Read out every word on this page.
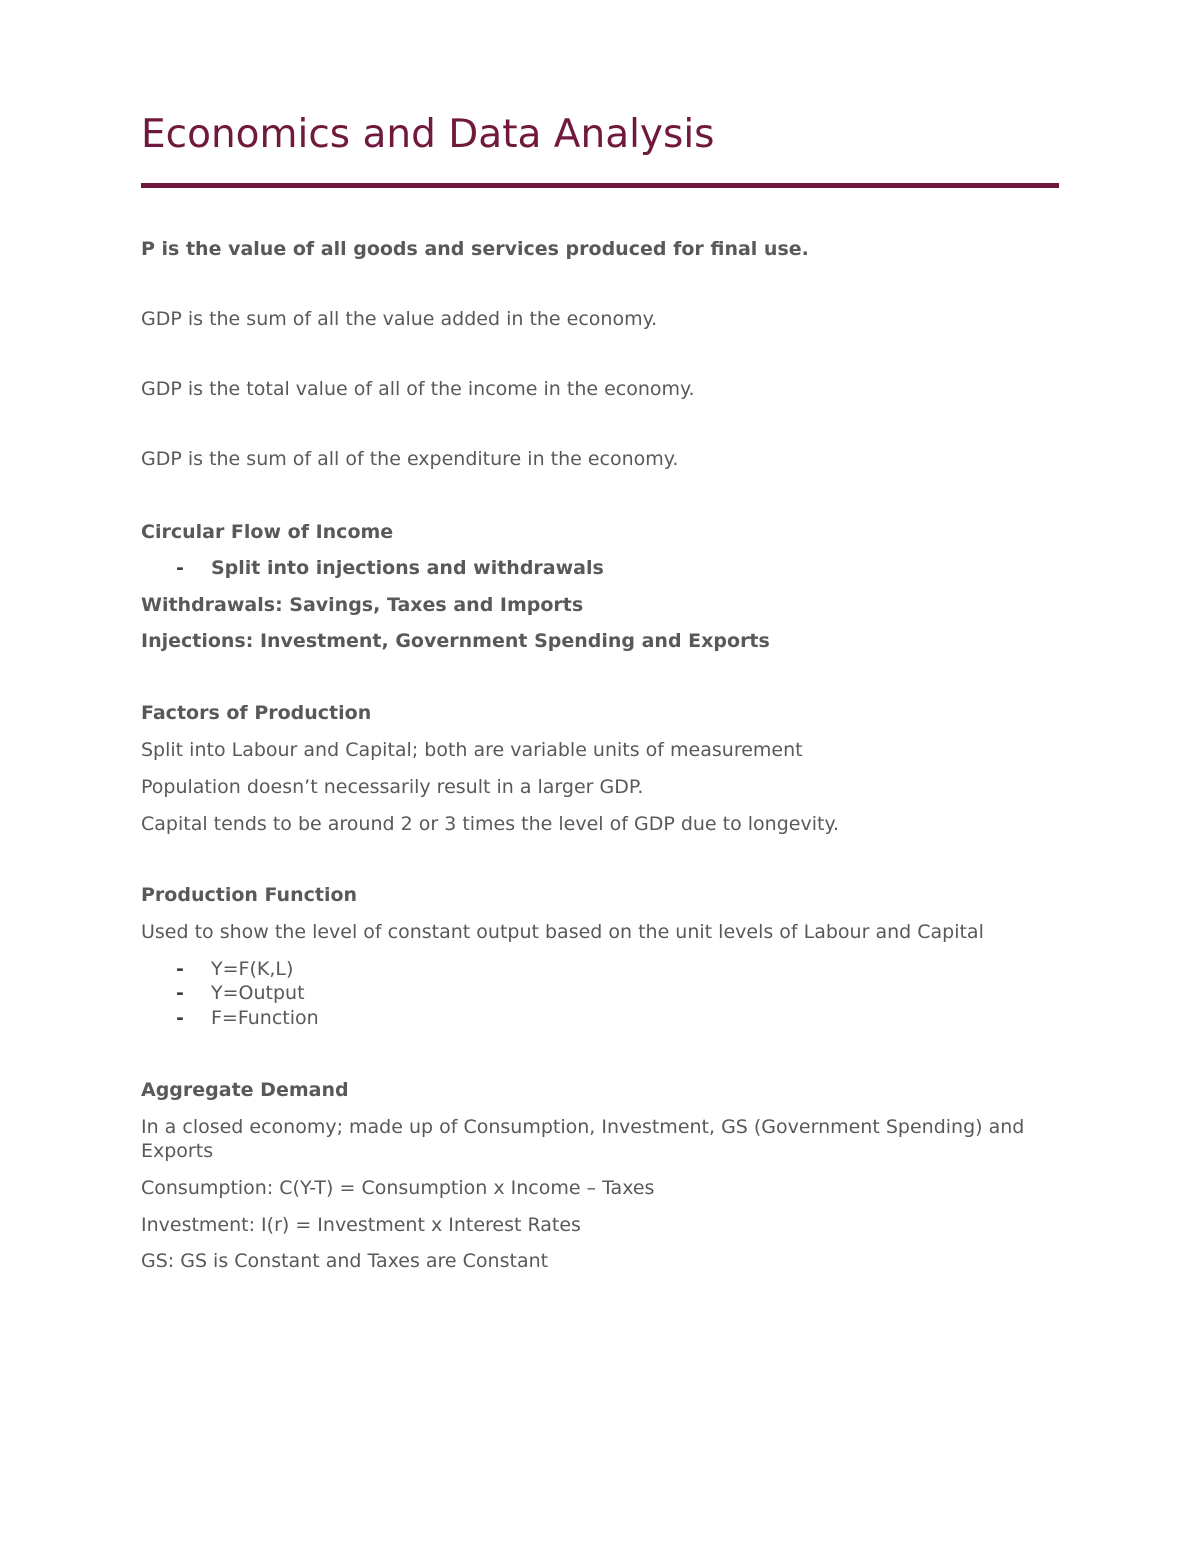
Economics and Data Analysis
P is the value of all goods and services produced for final use.
GDP is the sum of all the value added in the economy.
GDP is the total value of all of the income in the economy.
GDP is the sum of all of the expenditure in the economy.
Circular Flow of Income
- Split into injections and withdrawals
Withdrawals: Savings, Taxes and Imports
Injections: Investment, Government Spending and Exports
Factors of Production
Split into Labour and Capital; both are variable units of measurement
Population doesn’t necessarily result in a larger GDP.
Capital tends to be around 2 or 3 times the level of GDP due to longevity.
Production Function
Used to show the level of constant output based on the unit levels of Labour and Capital
- Y=F(K,L)
- Y=Output
- F=Function
Aggregate Demand
In a closed economy; made up of Consumption, Investment, GS (Government Spending) and
Exports
Consumption: C(Y-T) = Consumption x Income – Taxes
Investment: I(r) = Investment x Interest Rates
GS: GS is Constant and Taxes are Constant
